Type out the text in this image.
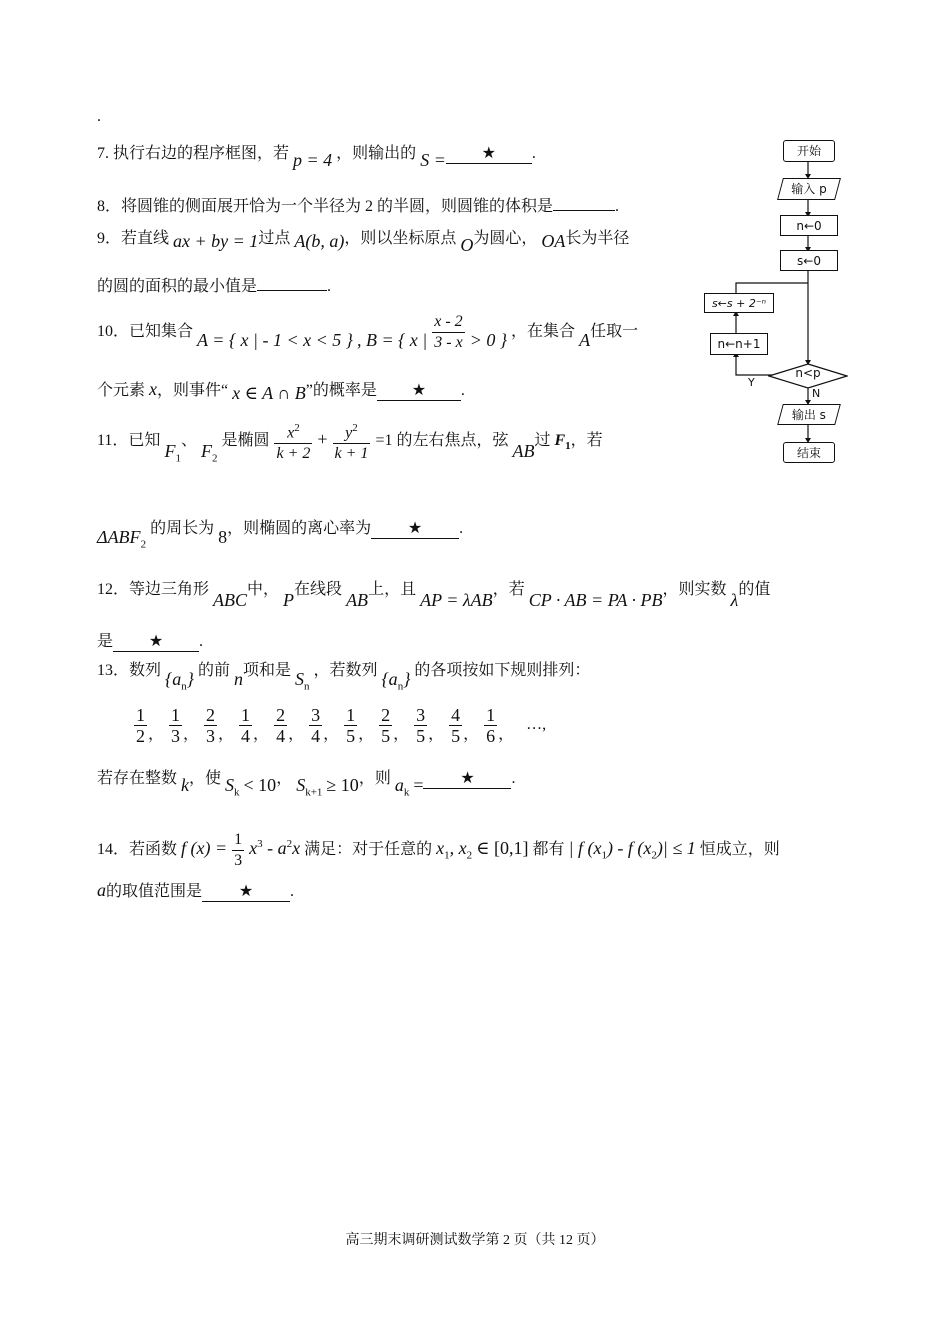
.
7. 执行右边的程序框图，若 p = 4 ，则输出的 S = ★ .
8．将圆锥的侧面展开恰为一个半径为 2 的半圆，则圆锥的体积是	.
9．若直线 ax + by = 1过点 A(b, a)，则以坐标原点 O为圆心， OA长为半径
的圆的面积的最小值是	.
10．已知集合 A = { x | - 1 < x < 5 } , B = { x | $\frac{x - 2}{3 - x} > 0$ } ，在集合 A任取一
个元素 x，则事件“ x ∈ A ∩ B”的概率是 ★ .
11．已知 $F_1$、 $F_2$ 是椭圆 $\frac{x^2}{k + 2} + \frac{y^2}{k + 1} =1$ 的左右焦点，弦 AB过 $F_1$，若
$\Delta ABF_2$ 的周长为 8，则椭圆的离心率为 ★ .
12．等边三角形 ABC中， P在线段 AB上，且 AP = λAB，若 CP · AB = PA · PB，则实数 λ的值
是 ★ .
13．数列 $\{a_n\}$ 的前 n项和是 $S_n$ ，若数列 $\{a_n\}$ 的各项按如下规则排列：
$\frac{1}{2}$ ， $\frac{1}{3}$ ， $\frac{2}{3}$ ， $\frac{1}{4}$ ， $\frac{2}{4}$ ， $\frac{3}{4}$ ， $\frac{1}{5}$ ， $\frac{2}{5}$ ， $\frac{3}{5}$ ， $\frac{4}{5}$ ， $\frac{1}{6}$ ，…,
若存在整数 k，使 $S_k < 10$， $S_{k+1} \ge 10$，则 $a_k$ = ★ .
14．若函数 f $(x) = \frac{1}{3} x^3 - a^2x$ 满足：对于任意的 $x_1$, $x_2$ ∈ [0,1] 都有 | f $(x_1)$ - f $(x_2)| \le 1$ 恒成立，则
a的取值范围是 ★ .
开始
输入 p
n←0
s←0
s←s + 2⁻ⁿ
n←n+1
n<p
Y
N
输出 s
结束
高三期末调研测试数学第 2 页（共 12 页）
